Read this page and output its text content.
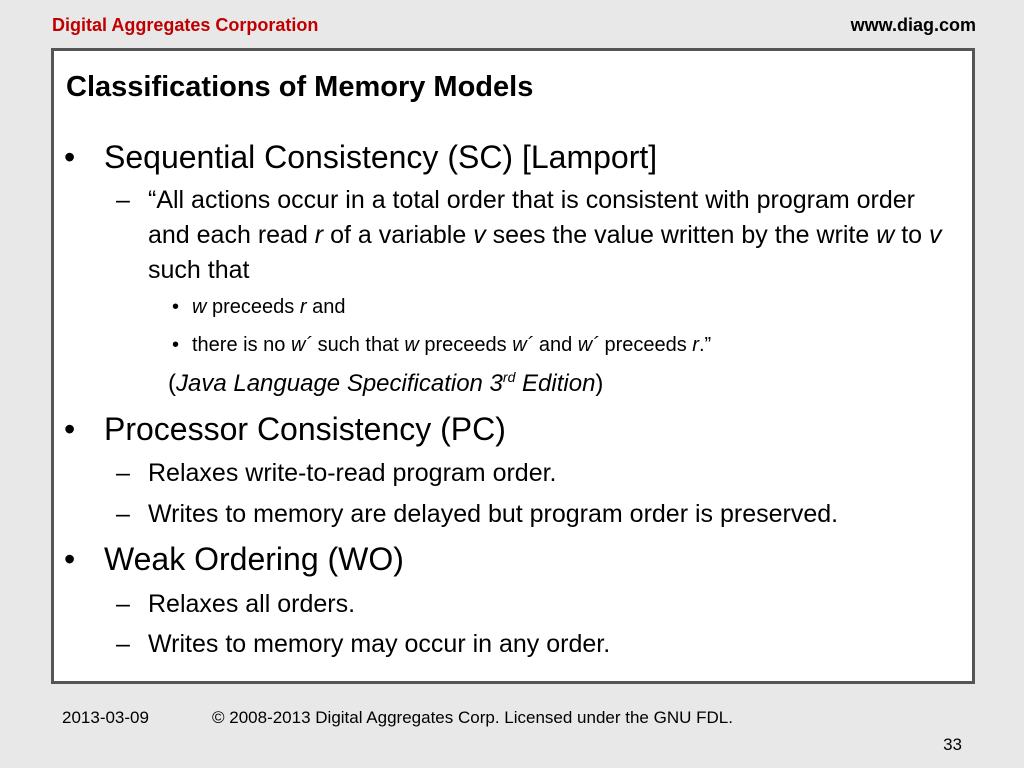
Digital Aggregates Corporation	www.diag.com
Classifications of Memory Models
• Sequential Consistency (SC) [Lamport]
– “All actions occur in a total order that is consistent with program order and each read r of a variable v sees the value written by the write w to v such that
• w preceeds r and
• there is no w´ such that w preceeds w´ and w´ preceeds r.”
(Java Language Specification 3rd Edition)
• Processor Consistency (PC)
– Relaxes write-to-read program order.
– Writes to memory are delayed but program order is preserved.
• Weak Ordering (WO)
– Relaxes all orders.
– Writes to memory may occur in any order.
2013-03-09	© 2008-2013 Digital Aggregates Corp. Licensed under the GNU FDL.
33
